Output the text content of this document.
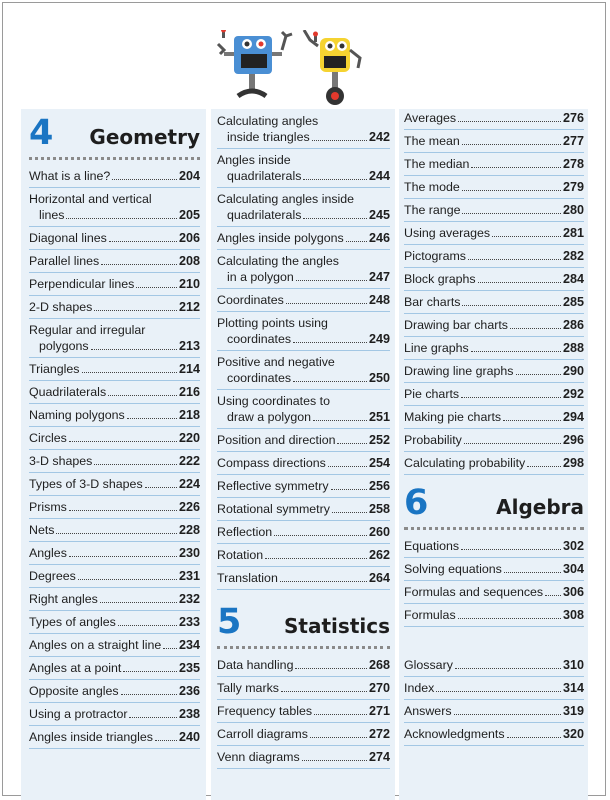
4 Geometry
What is a line?	204
Horizontal and vertical
lines	205
Diagonal lines	206
Parallel lines	208
Perpendicular lines	210
2-D shapes	212
Regular and irregular
polygons	213
Triangles	214
Quadrilaterals	216
Naming polygons	218
Circles	220
3-D shapes	222
Types of 3-D shapes	224
Prisms	226
Nets	228
Angles	230
Degrees	231
Right angles	232
Types of angles	233
Angles on a straight line 234
Angles at a point	235
Opposite angles	236
Using a protractor	238
Angles inside triangles 240
Calculating angles
inside triangles	242
Angles inside
quadrilaterals	244
Calculating angles inside
quadrilaterals	245
Angles inside polygons 246
Calculating the angles
in a polygon	247
Coordinates	248
Plotting points using
coordinates	249
Positive and negative
coordinates	250
Using coordinates to
draw a polygon	251
Position and direction	252
Compass directions	254
Reflective symmetry	256
Rotational symmetry	258
Reflection	260
Rotation	262
Translation	264
5 Statistics
Data handling	268
Tally marks	270
Frequency tables	271
Carroll diagrams	272
Venn diagrams	274
Averages	276
The mean	277
The median	278
The mode	279
The range	280
Using averages	281
Pictograms	282
Block graphs	284
Bar charts	285
Drawing bar charts	286
Line graphs	288
Drawing line graphs	290
Pie charts	292
Making pie charts	294
Probability	296
Calculating probability	298
6	Algebra
Equations	302
Solving equations	304
Formulas and sequences 306
Formulas	308
Glossary	310
Index	314
Answers	319
Acknowledgments	320
